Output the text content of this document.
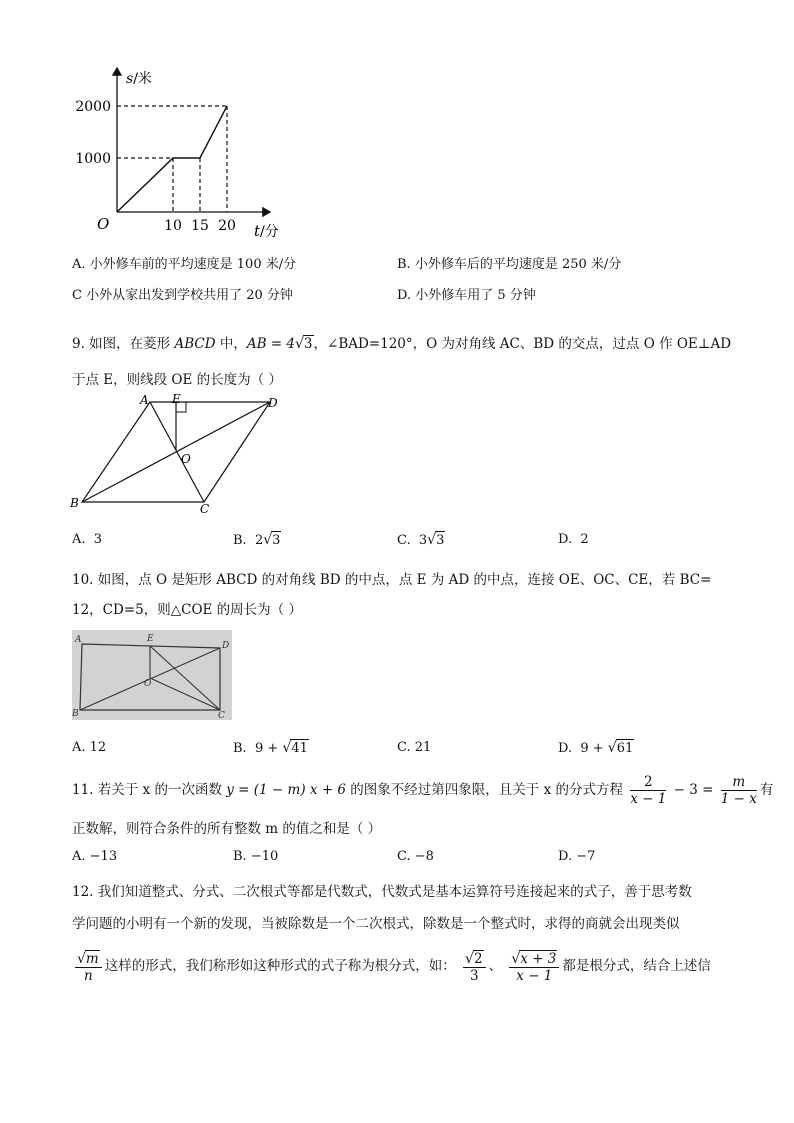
s/米
2000
1000
O	10 15 20 t/分
A. 小外修车前的平均速度是 100 米/分	B. 小外修车后的平均速度是 250 米/分
C 小外从家出发到学校共用了 20 分钟	D. 小外修车用了 5 分钟
9. 如图，在菱形 ABCD 中，AB = 4√3，∠BAD=120°，O 为对角线 AC、BD 的交点，过点 O 作 OE⊥AD
于点 E，则线段 OE 的长度为（ ）
A E	D
O
B	C
A. 3	B. 2√3	C. 3√3	D. 2
10. 如图，点 O 是矩形 ABCD 的对角线 BD 的中点，点 E 为 AD 的中点，连接 OE、OC、CE，若 BC=
12，CD=5，则△COE 的周长为（ ）
A	E
D
O
B	C
A. 12	B. 9 + √41	C. 21	D. 9 + √61
11. 若关于 x 的一次函数 y = (1 − m) x + 6 的图象不经过第四象限，且关于 x 的分式方程 $\frac{2}{x - 1} - 3 = \frac{m}{1 - x}$ 有
正数解，则符合条件的所有整数 m 的值之和是（ ）
A. −13	B. −10	C. −8	D. −7
12. 我们知道整式、分式、二次根式等都是代数式，代数式是基本运算符号连接起来的式子，善于思考数
学问题的小明有一个新的发现，当被除数是一个二次根式，除数是一个整式时，求得的商就会出现类似
$\frac{√m}{n}$ 这样的形式，我们称形如这种形式的式子称为根分式，如： $\frac{√2}{3}$ 、 $\frac{√x + 3}{x - 1}$ 都是根分式，结合上述信
